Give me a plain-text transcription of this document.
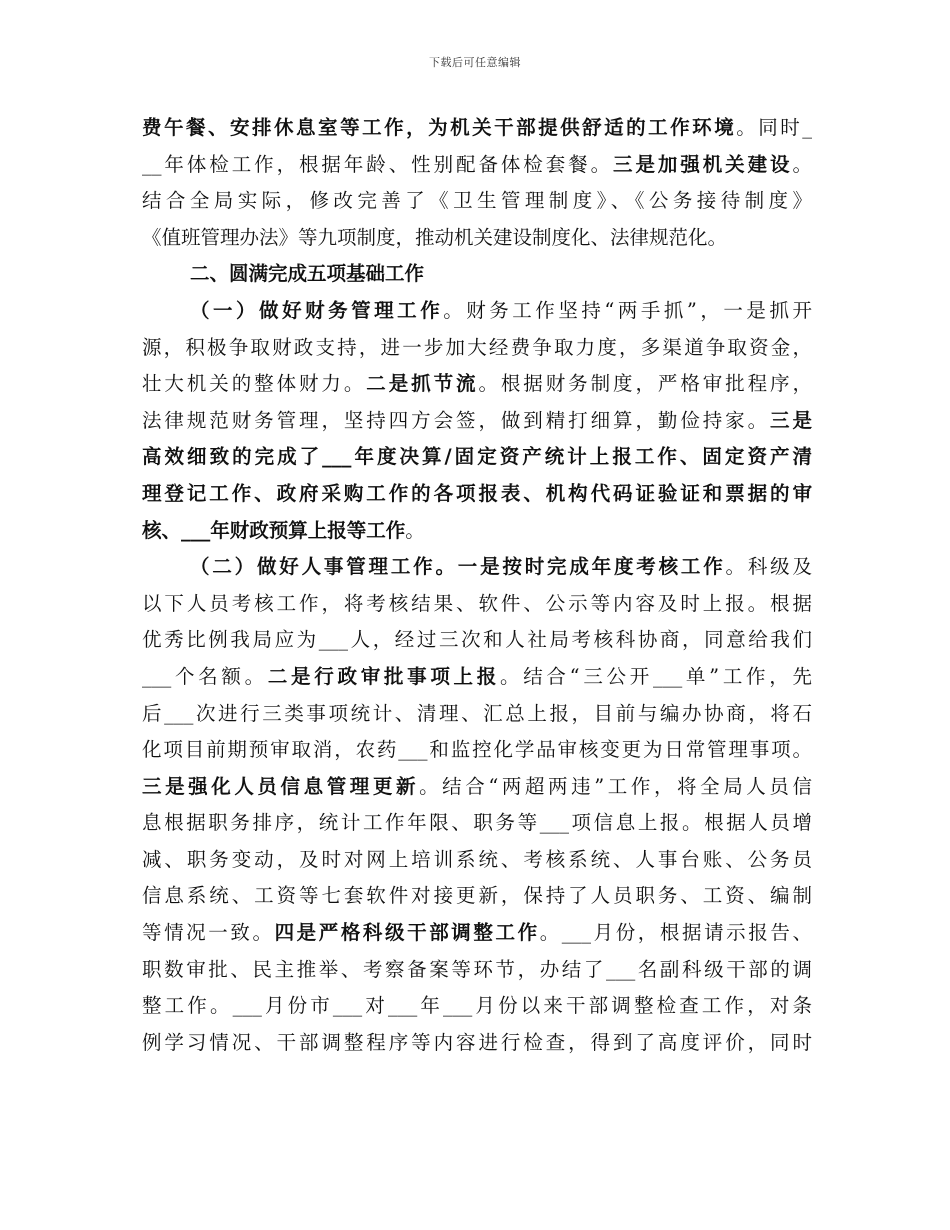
下载后可任意编辑
费午餐、安排休息室等工作，为机关干部提供舒适的工作环境。同时_
__年体检工作，根据年龄、性别配备体检套餐。三是加强机关建设。
结合全局实际，修改完善了《卫生管理制度》、《公务接待制度》
《值班管理办法》等九项制度，推动机关建设制度化、法律规范化。
二、圆满完成五项基础工作
（一）做好财务管理工作。财务工作坚持“两手抓”，一是抓开
源，积极争取财政支持，进一步加大经费争取力度，多渠道争取资金，
壮大机关的整体财力。二是抓节流。根据财务制度，严格审批程序，
法律规范财务管理，坚持四方会签，做到精打细算，勤俭持家。三是
高效细致的完成了___年度决算/固定资产统计上报工作、固定资产清
理登记工作、政府采购工作的各项报表、机构代码证验证和票据的审
核、___年财政预算上报等工作。
（二）做好人事管理工作。一是按时完成年度考核工作。科级及
以下人员考核工作，将考核结果、软件、公示等内容及时上报。根据
优秀比例我局应为___人，经过三次和人社局考核科协商，同意给我们
___个名额。二是行政审批事项上报。结合“三公开___单”工作，先
后___次进行三类事项统计、清理、汇总上报，目前与编办协商，将石
化项目前期预审取消，农药___和监控化学品审核变更为日常管理事项。
三是强化人员信息管理更新。结合“两超两违”工作，将全局人员信
息根据职务排序，统计工作年限、职务等___项信息上报。根据人员增
减、职务变动，及时对网上培训系统、考核系统、人事台账、公务员
信息系统、工资等七套软件对接更新，保持了人员职务、工资、编制
等情况一致。四是严格科级干部调整工作。___月份，根据请示报告、
职数审批、民主推举、考察备案等环节，办结了___名副科级干部的调
整工作。___月份市___对___年___月份以来干部调整检查工作，对条
例学习情况、干部调整程序等内容进行检查，得到了高度评价，同时
